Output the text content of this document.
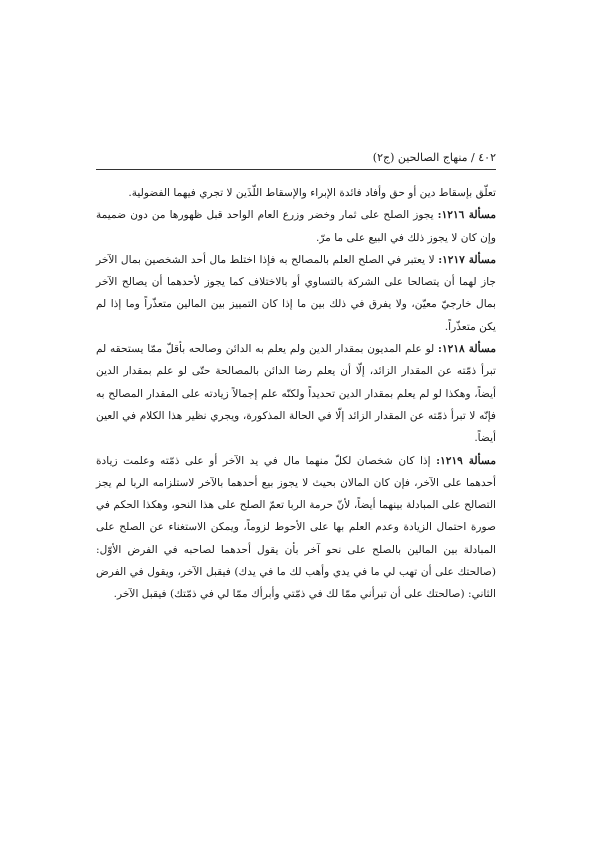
٤٠٢ / منهاج الصالحين (ج٢)

تعلّق بإسقاط دين أو حق وأفاد فائدة الإبراء والإسقاط اللّذَين لا تجري فيهما الفضولية.

مسألة ١٢١٦: يجوز الصلح على ثمار وخضر وزرع العام الواحد قبل ظهورها من دون ضميمة وإن كان لا يجوز ذلك في البيع على ما مرّ.

مسألة ١٢١٧: لا يعتبر في الصلح العلم بالمصالح به فإذا اختلط مال أحد الشخصين بمال الآخر جاز لهما أن يتصالحا على الشركة بالتساوي أو بالاختلاف كما يجوز لأحدهما أن يصالح الآخر بمال خارجيّ معيّن، ولا يفرق في ذلك بين ما إذا كان التمييز بين المالين متعذّراً وما إذا لم يكن متعذّراً.

مسألة ١٢١٨: لو علم المديون بمقدار الدين ولم يعلم به الدائن وصالحه بأقلّ ممّا يستحقه لم تبرأ ذمّته عن المقدار الزائد، إلّا أن يعلم رضا الدائن بالمصالحة حتّى لو علم بمقدار الدين أيضاً، وهكذا لو لم يعلم بمقدار الدين تحديداً ولكنّه علم إجمالاً زيادته على المقدار المصالح به فإنّه لا تبرأ ذمّته عن المقدار الزائد إلّا في الحالة المذكورة، ويجري نظير هذا الكلام في العين أيضاً.

مسألة ١٢١٩: إذا كان شخصان لكلّ منهما مال في يد الآخر أو على ذمّته وعلمت زيادة أحدهما على الآخر، فإن كان المالان بحيث لا يجوز بيع أحدهما بالآخر لاستلزامه الربا لم يجز التصالح على المبادلة بينهما أيضاً، لأنّ حرمة الربا تعمّ الصلح على هذا النحو، وهكذا الحكم في صورة احتمال الزيادة وعدم العلم بها على الأحوط لزوماً، ويمكن الاستغناء عن الصلح على المبادلة بين المالين بالصلح على نحو آخر بأن يقول أحدهما لصاحبه في الفرض الأوّل: (صالحتك على أن تهب لي ما في يدي وأهب لك ما في يدك) فيقبل الآخر، ويقول في الفرض الثاني: (صالحتك على أن تبرأني ممّا لك في ذمّتي وأبرأك ممّا لي في ذمّتك) فيقبل الآخر.
